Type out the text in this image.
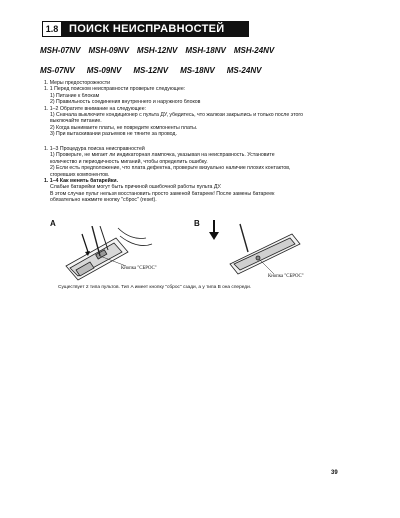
1.8 ПОИСК НЕИСПРАВНОСТЕЙ
MSH-07NV MSH-09NV MSH-12NV MSH-18NV MSH-24NV
MS-07NV MS-09NV MS-12NV MS-18NV MS-24NV
1. Меры предосторожности
1. 1 Перед поиском неисправности проверьте следующее:
1) Питание к блокам
2) Правильность соединения внутреннего и наружного блоков
1. 1–2 Обратите внимание на следующее:
1) Сначала выключите кондиционер с пульта ДУ, убедитесь, что жалюзи закрылись и только после этого
выключайте питание.
2) Когда вынимаете платы, не повредите компоненты платы.
3) При вытаскивании разъемов не тяните за провод.
1. 1–3 Процедура поиска неисправностей
1) Проверьте, не мигает ли индикаторная лампочка, указывая на неисправность. Установите
количество и периодичность миганий, чтобы определить ошибку.
2) Если есть предположение, что плата дефектна, проверьте визуально наличие плохих контактов,
сгоревших компонентов.
1. 1–4 Как менять батарейки.
Слабые батарейки могут быть причиной ошибочной работы пульта ДУ.
В этом случае пульт нельзя восстановить просто заменой батареек! После замены батареек
обязательно нажмите кнопку "сброс" (reset).
A
Кнопка "СБРОС"
B
Кнопка "СБРОС"
Существует 2 типа пультов. Тип A имеет кнопку "сброс" сзади, а у типа B она спереди.
39
